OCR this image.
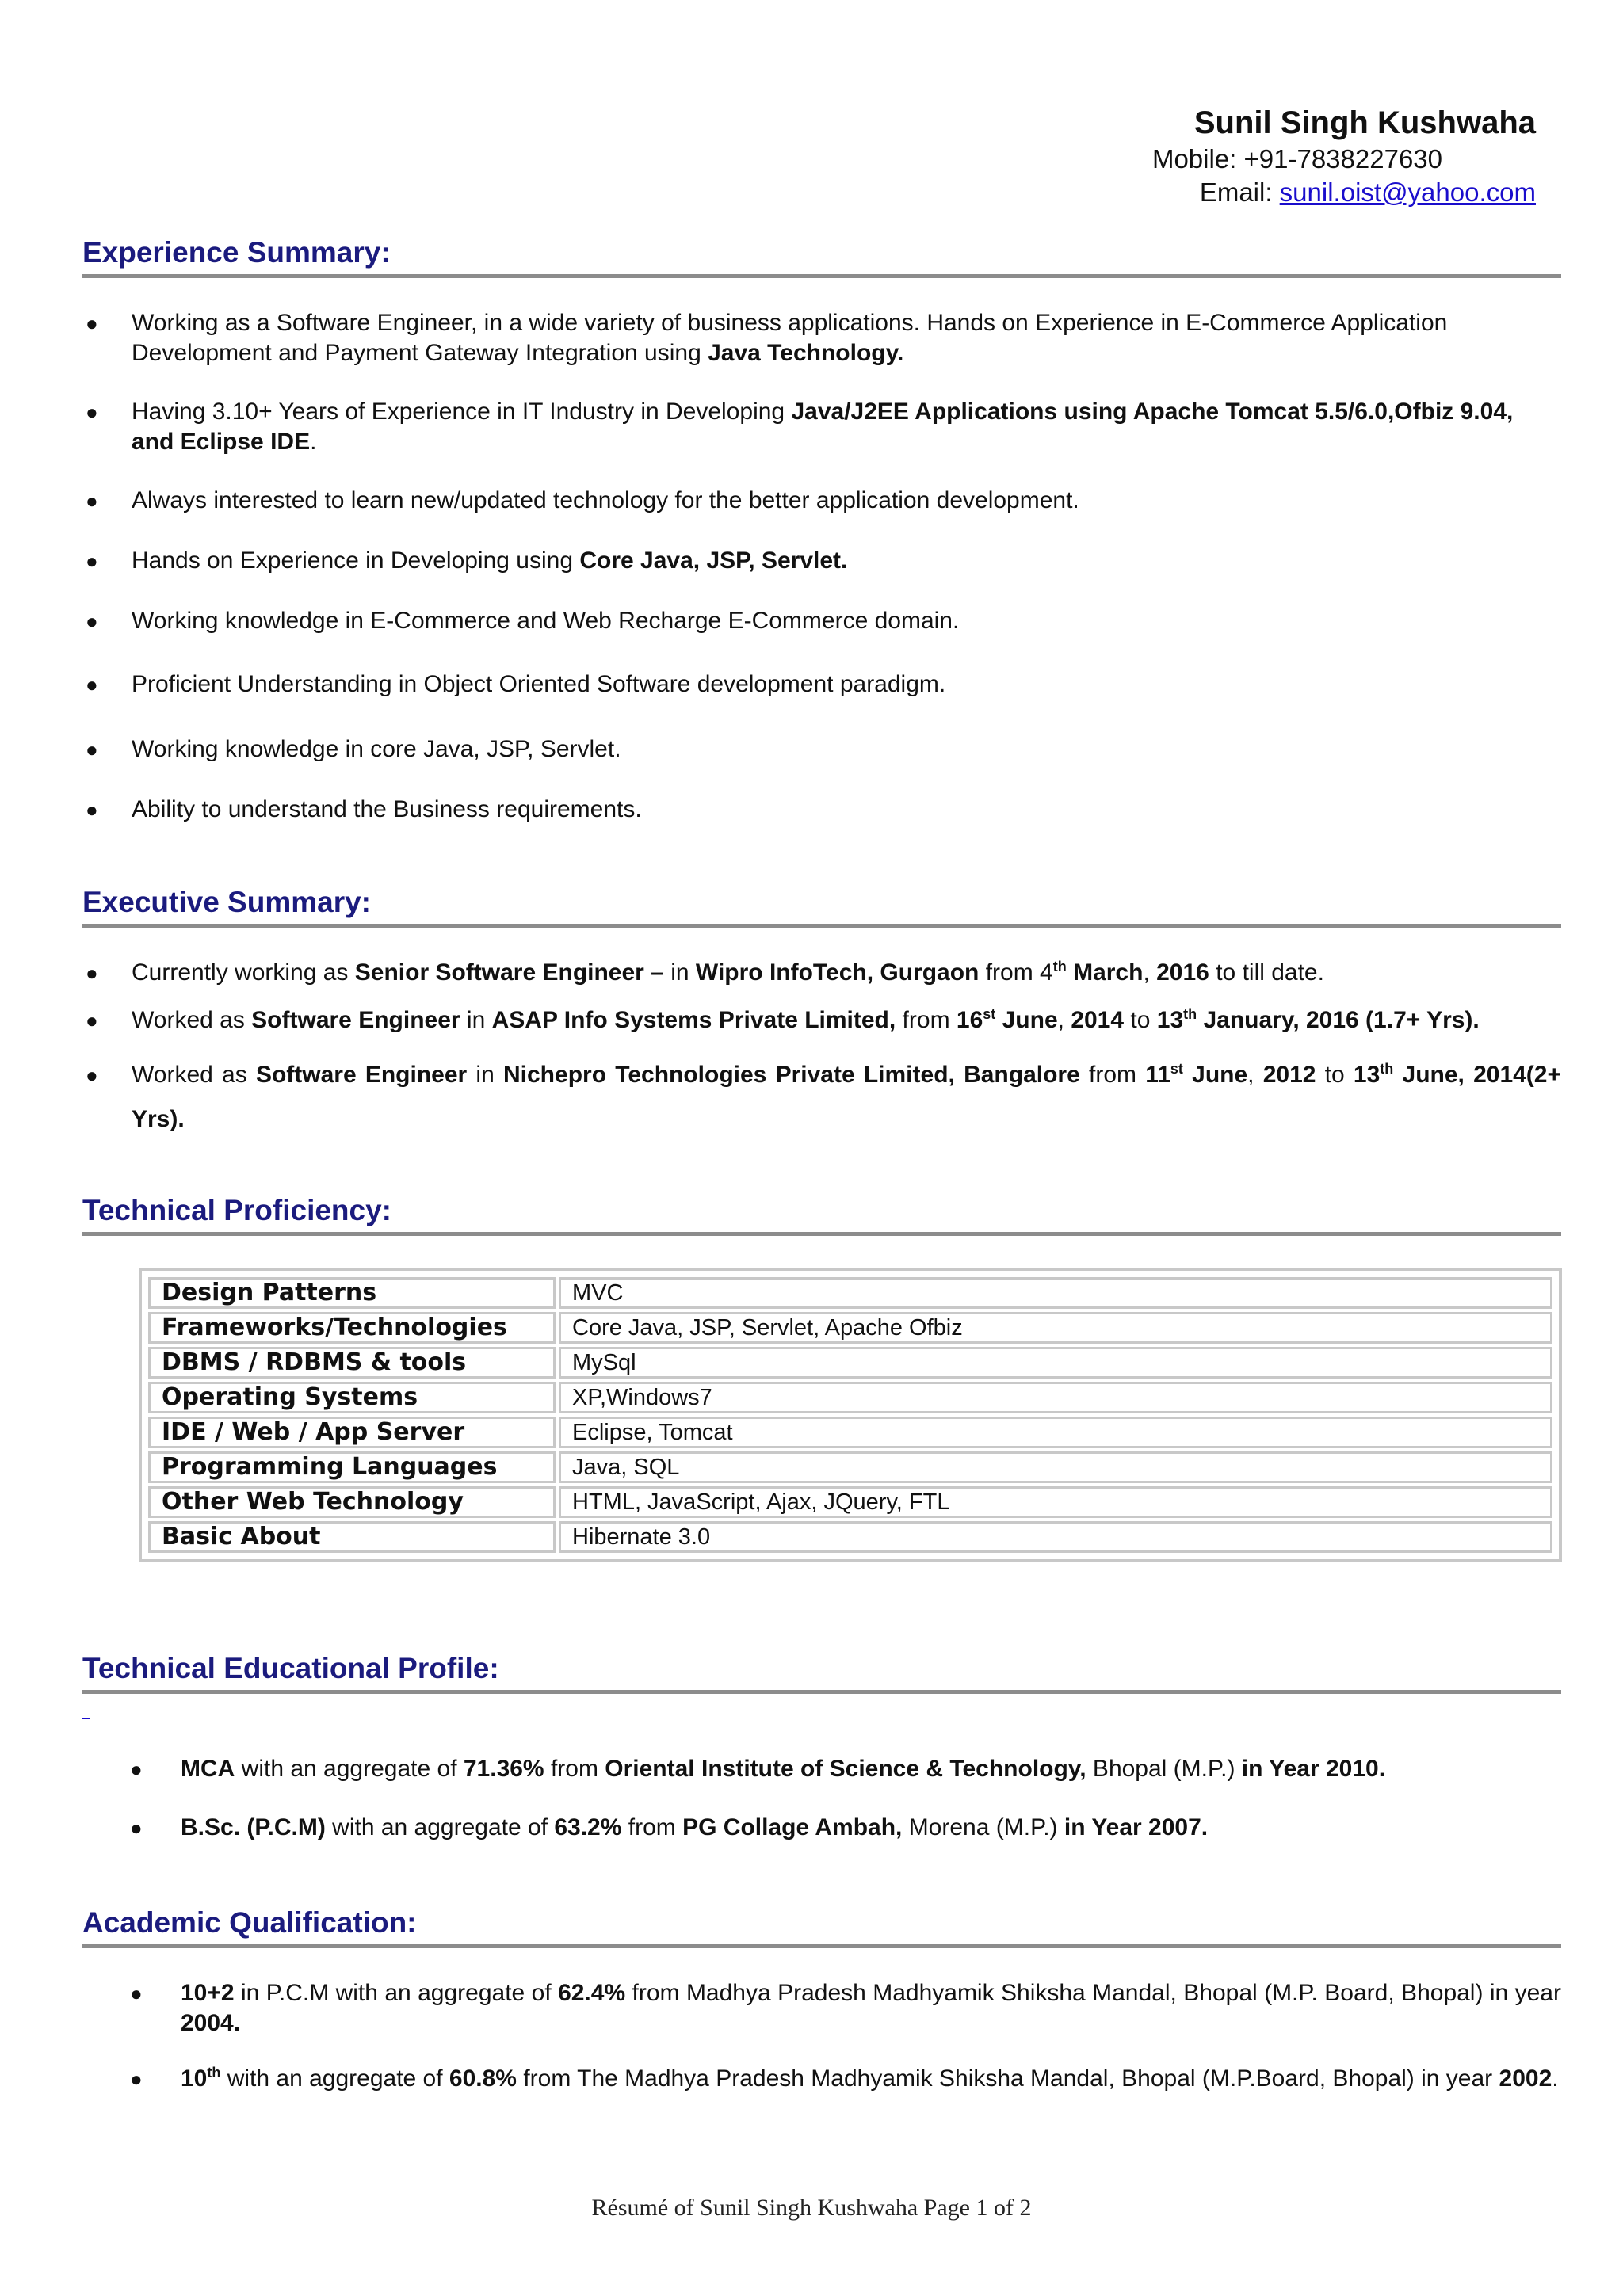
Sunil Singh Kushwaha
Mobile: +91-7838227630
Email: sunil.oist@yahoo.com
Experience Summary:
● Working as a Software Engineer, in a wide variety of business applications. Hands on Experience in E-Commerce Application Development and Payment Gateway Integration using Java Technology.
● Having 3.10+ Years of Experience in IT Industry in Developing Java/J2EE Applications using Apache Tomcat 5.5/6.0,Ofbiz 9.04, and Eclipse IDE.
● Always interested to learn new/updated technology for the better application development.
● Hands on Experience in Developing using Core Java, JSP, Servlet.
● Working knowledge in E-Commerce and Web Recharge E-Commerce domain.
● Proficient Understanding in Object Oriented Software development paradigm.
● Working knowledge in core Java, JSP, Servlet.
● Ability to understand the Business requirements.
Executive Summary:
● Currently working as Senior Software Engineer – in Wipro InfoTech, Gurgaon from 4th March, 2016 to till date.
● Worked as Software Engineer in ASAP Info Systems Private Limited, from 16st June, 2014 to 13th January, 2016 (1.7+ Yrs).
● Worked as Software Engineer in Nichepro Technologies Private Limited, Bangalore from 11st June, 2012 to 13th June, 2014(2+ Yrs).
Technical Proficiency:
Design Patterns	MVC
Frameworks/Technologies	Core Java, JSP, Servlet, Apache Ofbiz
DBMS / RDBMS & tools	MySql
Operating Systems	XP,Windows7
IDE / Web / App Server	Eclipse, Tomcat
Programming Languages	Java, SQL
Other Web Technology	HTML, JavaScript, Ajax, JQuery, FTL
Basic About	Hibernate 3.0
Technical Educational Profile:
● MCA with an aggregate of 71.36% from Oriental Institute of Science & Technology, Bhopal (M.P.) in Year 2010.
● B.Sc. (P.C.M) with an aggregate of 63.2% from PG Collage Ambah, Morena (M.P.) in Year 2007.
Academic Qualification:
● 10+2 in P.C.M with an aggregate of 62.4% from Madhya Pradesh Madhyamik Shiksha Mandal, Bhopal (M.P. Board, Bhopal) in year 2004.
● 10th with an aggregate of 60.8% from The Madhya Pradesh Madhyamik Shiksha Mandal, Bhopal (M.P.Board, Bhopal) in year 2002.
Résumé of Sunil Singh Kushwaha Page 1 of 2
